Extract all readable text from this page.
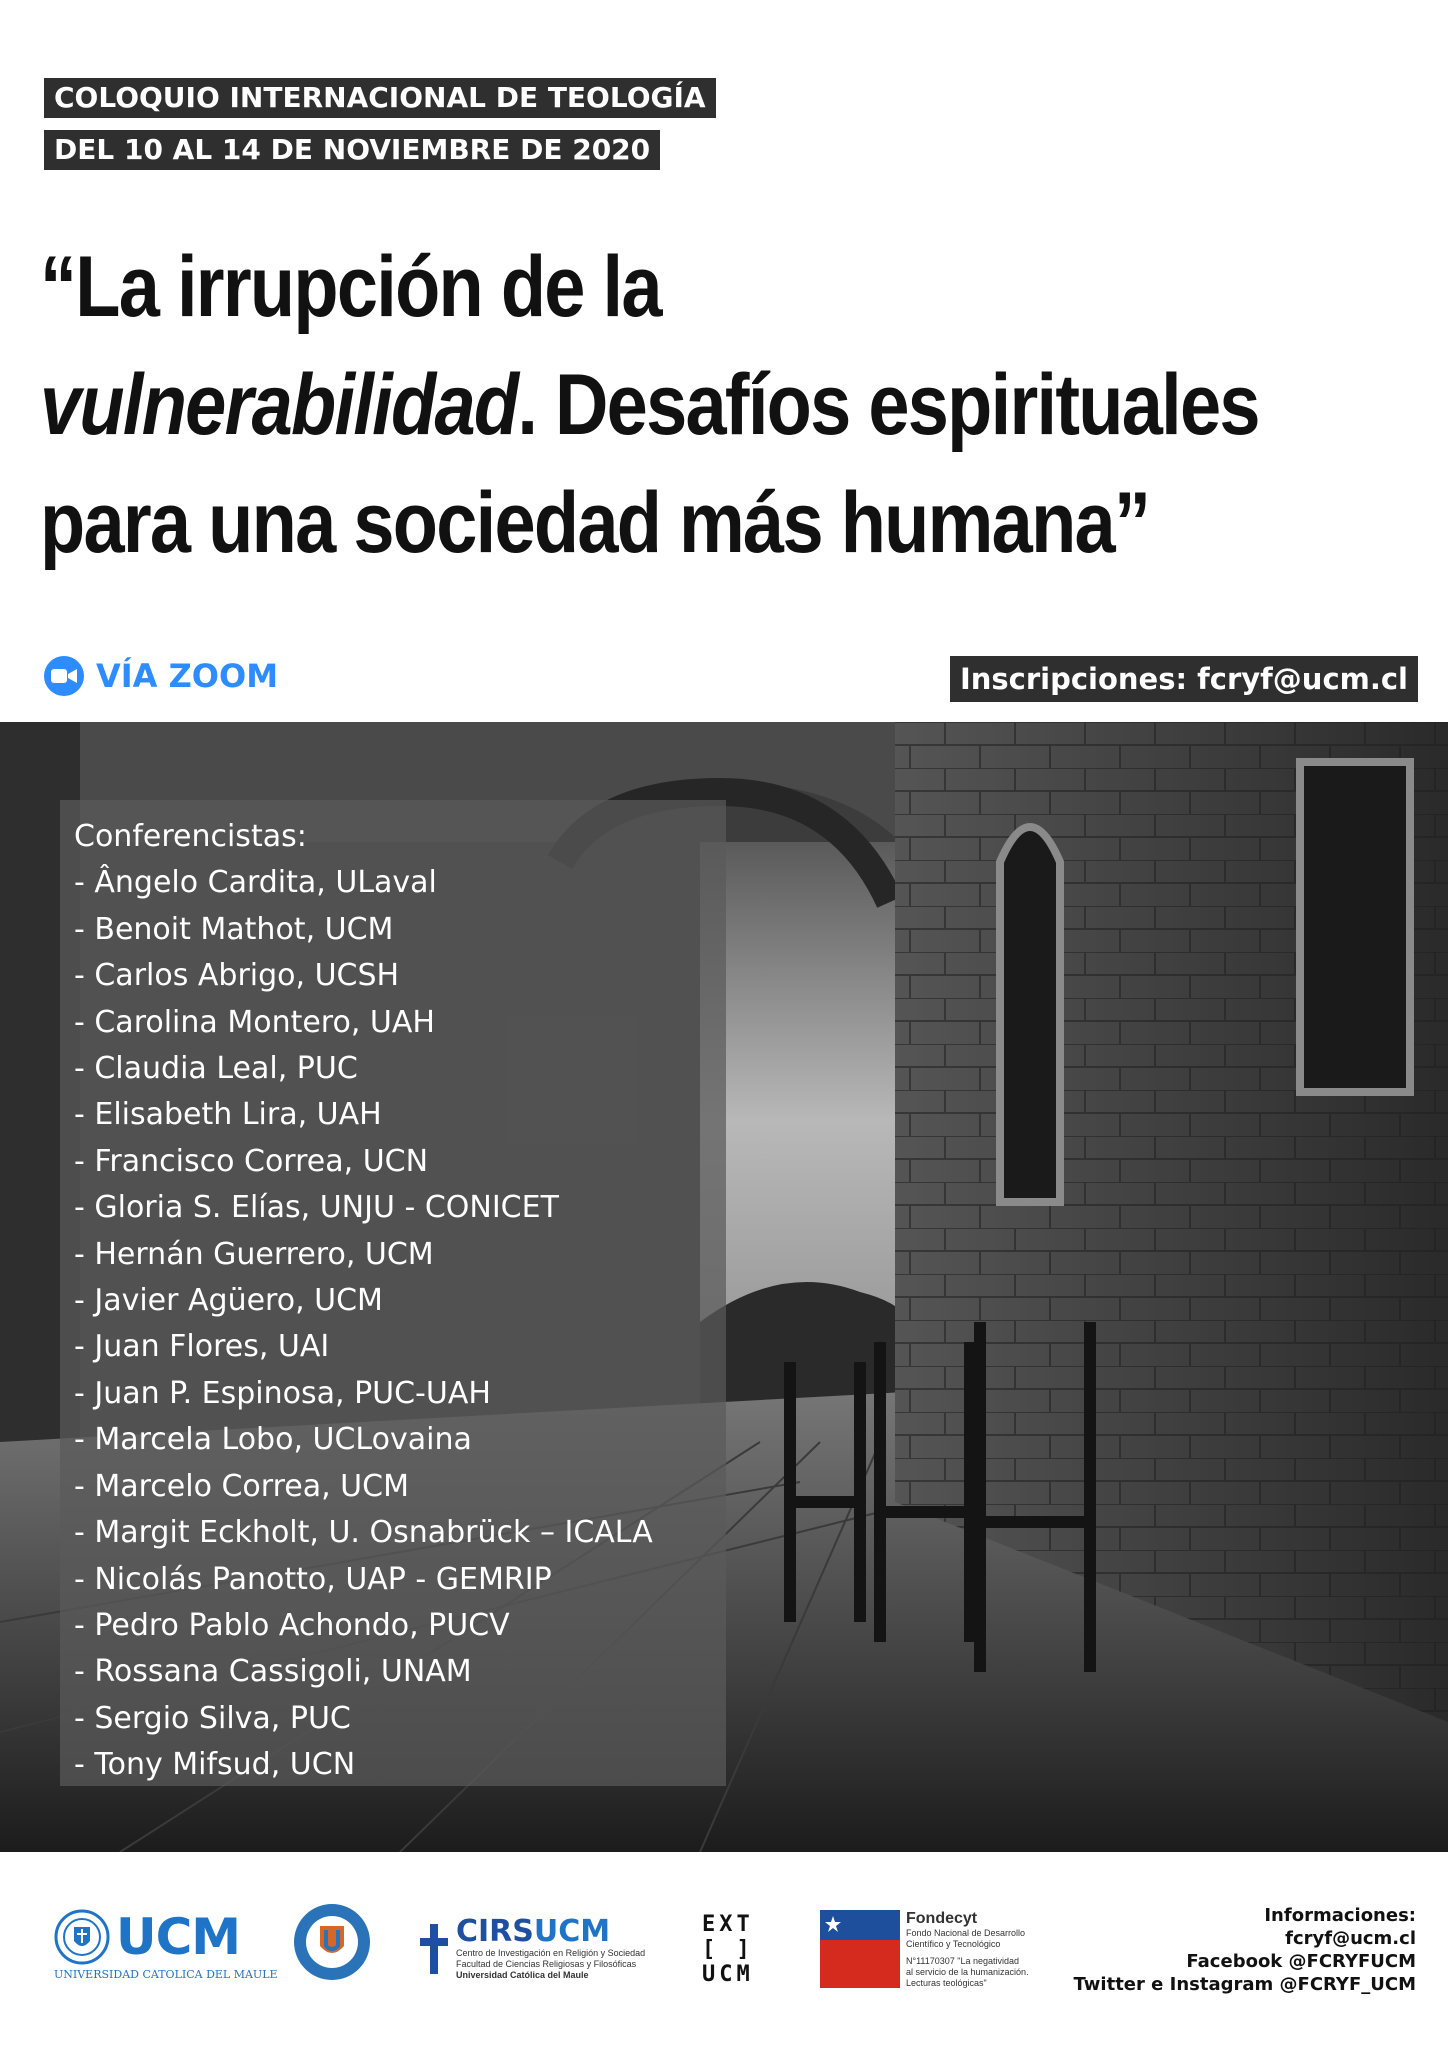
COLOQUIO INTERNACIONAL DE TEOLOGÍA
DEL 10 AL 14 DE NOVIEMBRE DE 2020
“La irrupción de la
vulnerabilidad. Desafíos espirituales
para una sociedad más humana”
VÍA ZOOM	Inscripciones: fcryf@ucm.cl
Conferencistas:
- Ângelo Cardita, ULaval
- Benoit Mathot, UCM
- Carlos Abrigo, UCSH
- Carolina Montero, UAH
- Claudia Leal, PUC
- Elisabeth Lira, UAH
- Francisco Correa, UCN
- Gloria S. Elías, UNJU - CONICET
- Hernán Guerrero, UCM
- Javier Agüero, UCM
- Juan Flores, UAI
- Juan P. Espinosa, PUC-UAH
- Marcela Lobo, UCLovaina
- Marcelo Correa, UCM
- Margit Eckholt, U. Osnabrück – ICALA
- Nicolás Panotto, UAP - GEMRIP
- Pedro Pablo Achondo, PUCV
- Rossana Cassigoli, UNAM
- Sergio Silva, PUC
- Tony Mifsud, UCN
UCM
UNIVERSIDAD CATOLICA DEL MAULE
CIRSUCM
Centro de Investigación en Religión y Sociedad
Facultad de Ciencias Religiosas y Filosóficas
Universidad Católica del Maule
EXT
[ ]
UCM
Fondecyt
Fondo Nacional de Desarrollo
Científico y Tecnológico
N°11170307 "La negatividad
al servicio de la humanización.
Lecturas teológicas"
Informaciones:
fcryf@ucm.cl
Facebook @FCRYFUCM
Twitter e Instagram @FCRYF_UCM
